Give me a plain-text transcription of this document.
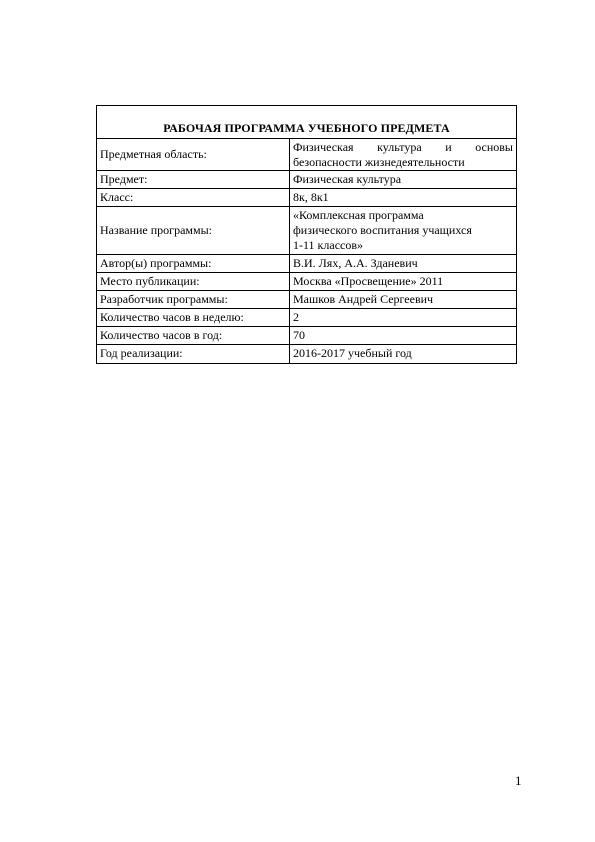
РАБОЧАЯ ПРОГРАММА УЧЕБНОГО ПРЕДМЕТА
Предметная область:	Физическая культура и основы
безопасности жизнедеятельности
Предмет:	Физическая культура
Класс:	8к, 8к1
Название программы:	«Комплексная программа
физического воспитания учащихся
1-11 классов»

Автор(ы) программы:	В.И. Лях, А.А. Зданевич
Место публикации:	Москва «Просвещение» 2011
Разработчик программы:	Машков Андрей Сергеевич
Количество часов в неделю:	2
Количество часов в год:	70
Год реализации:	2016-2017 учебный год
1
